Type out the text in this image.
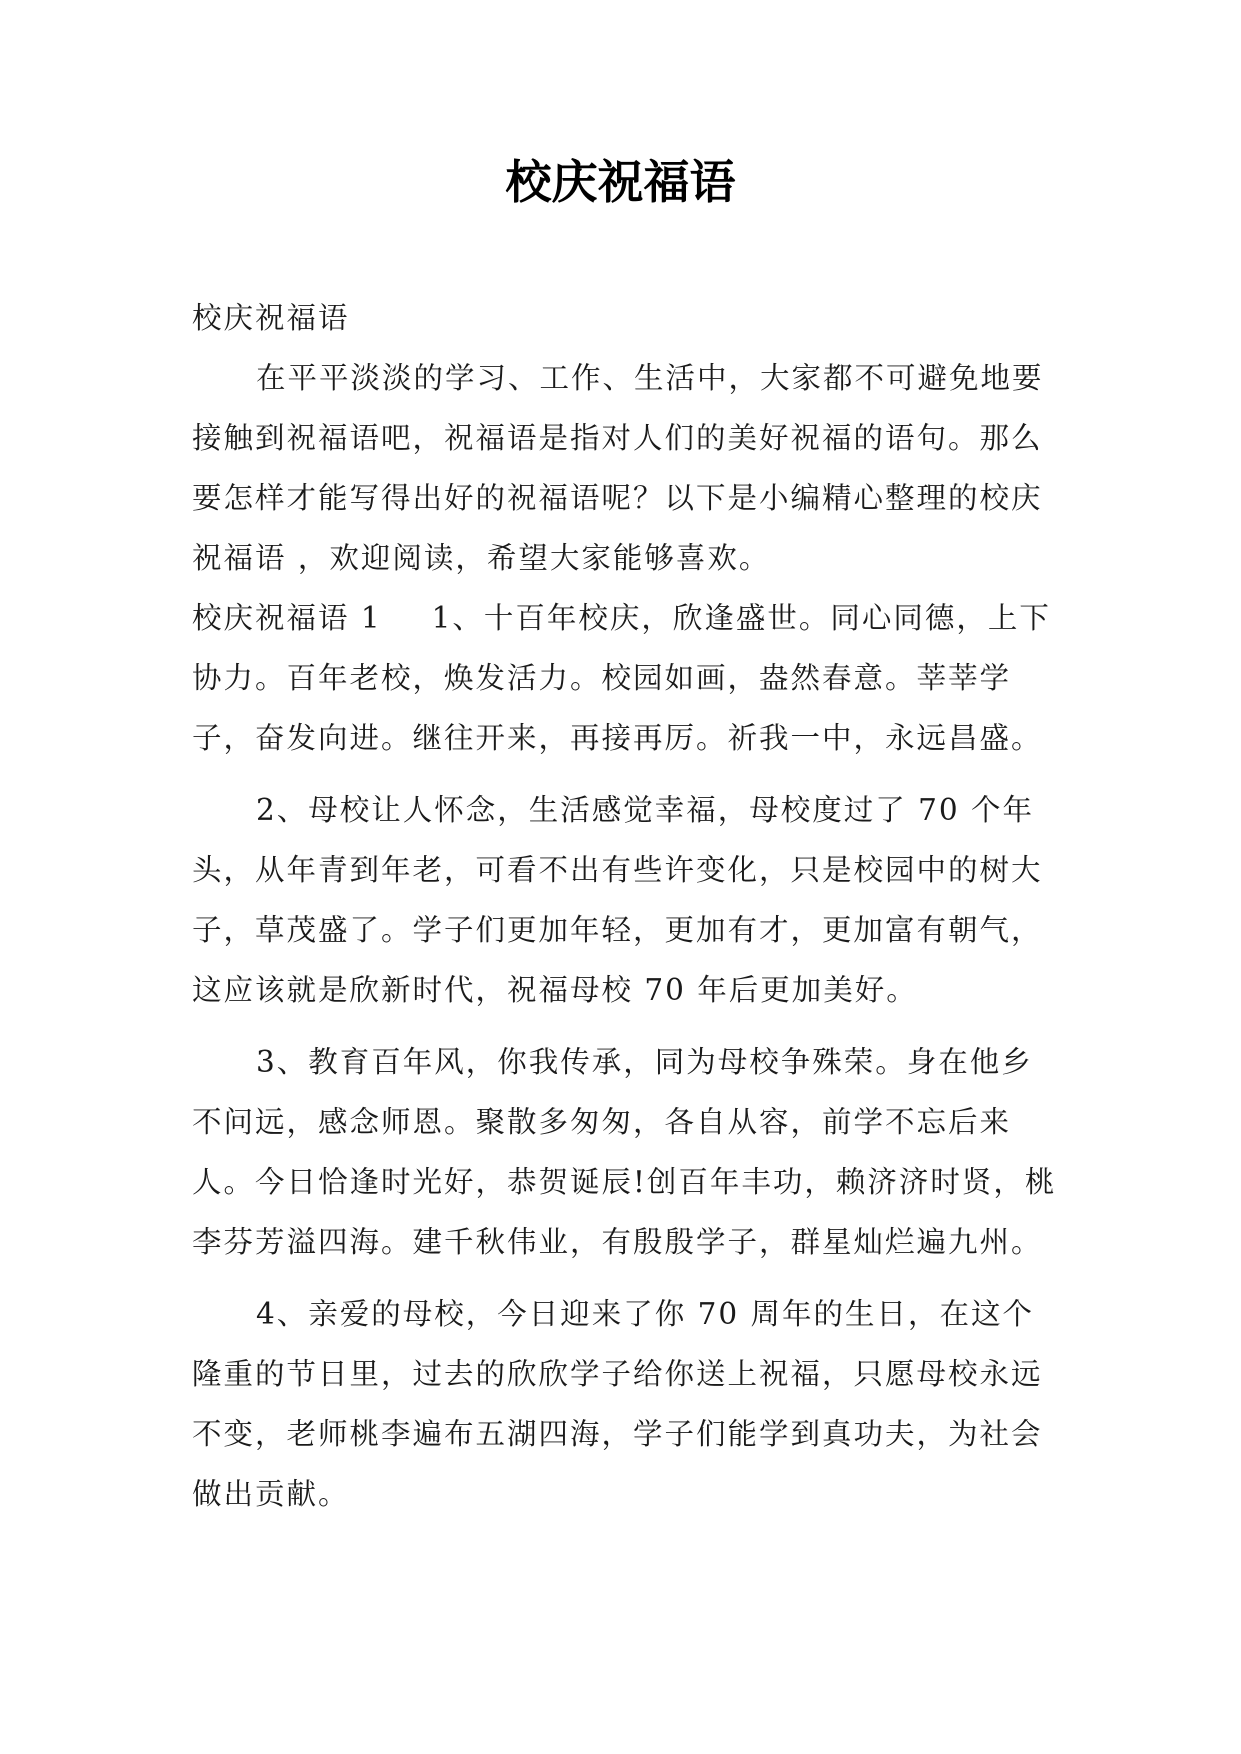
校庆祝福语

校庆祝福语

在平平淡淡的学习、工作、生活中，大家都不可避免地要接触到祝福语吧，祝福语是指对人们的美好祝福的语句。那么要怎样才能写得出好的祝福语呢？以下是小编精心整理的校庆祝福语 ，欢迎阅读，希望大家能够喜欢。

校庆祝福语 1 1、十百年校庆，欣逢盛世。同心同德，上下协力。百年老校，焕发活力。校园如画，盎然春意。莘莘学子，奋发向进。继往开来，再接再厉。祈我一中，永远昌盛。

2、母校让人怀念，生活感觉幸福，母校度过了 70 个年头，从年青到年老，可看不出有些许变化，只是校园中的树大子，草茂盛了。学子们更加年轻，更加有才，更加富有朝气，这应该就是欣新时代，祝福母校 70 年后更加美好。

3、教育百年风，你我传承，同为母校争殊荣。身在他乡不问远，感念师恩。聚散多匆匆，各自从容，前学不忘后来人。今日恰逢时光好，恭贺诞辰!创百年丰功，赖济济时贤，桃李芬芳溢四海。建千秋伟业，有殷殷学子，群星灿烂遍九州。

4、亲爱的母校，今日迎来了你 70 周年的生日，在这个隆重的节日里，过去的欣欣学子给你送上祝福，只愿母校永远不变，老师桃李遍布五湖四海，学子们能学到真功夫，为社会做出贡献。
